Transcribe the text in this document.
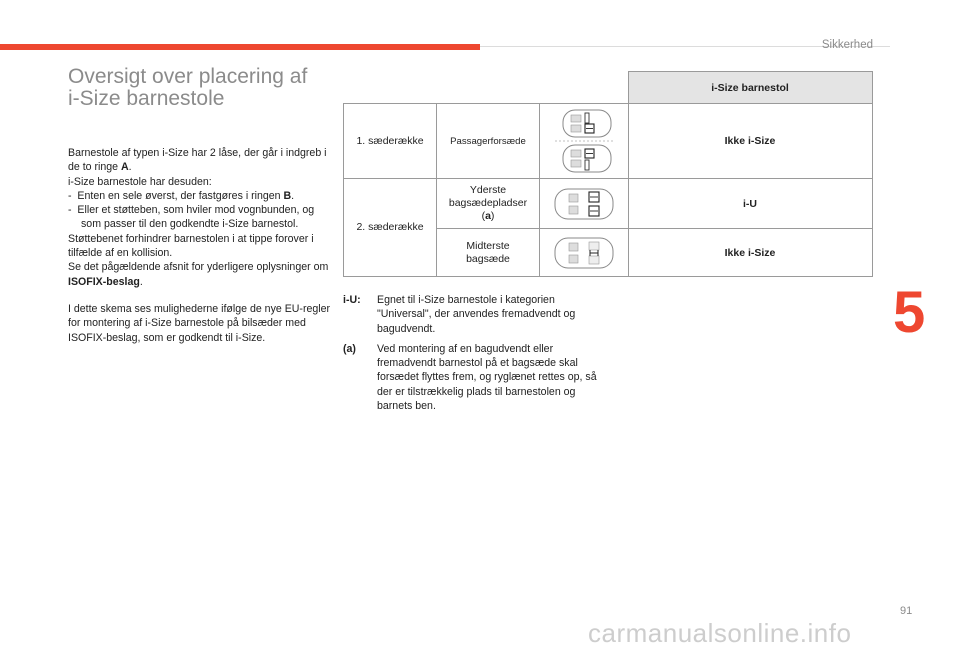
Sikkerhed
5
91
carmanualsonline.info
Oversigt over placering af
i-Size barnestole

Barnestole af typen i-Size har 2 låse, der går i indgreb i de to ringe A.

i-Size barnestole har desuden:

-  Enten en sele øverst, der fastgøres i ringen B.

-  Eller et støtteben, som hviler mod vognbunden, og som passer til den godkendte i-Size barnestol.

Støttebenet forhindrer barnestolen i at tippe forover i tilfælde af en kollision.

Se det pågældende afsnit for yderligere oplysninger om ISOFIX-beslag.

I dette skema ses mulighederne ifølge de nye EU-regler for montering af i-Size barnestole på bilsæder med ISOFIX-beslag, som er godkendt til i-Size.

			i-Size barnestol
1. sæderække	Passagerforsæde		Ikke i-Size
2. sæderække	Yderste
bagsædepladser
(a)		i-U
	Midterste
bagsæde		Ikke i-Size
i-U:	Egnet til i-Size barnestole i kategorien "Universal", der anvendes fremadvendt og bagudvendt.
(a)	Ved montering af en bagudvendt eller fremadvendt barnestol på et bagsæde skal forsædet flyttes frem, og ryglænet rettes op, så der er tilstrækkelig plads til barnestolen og barnets ben.
